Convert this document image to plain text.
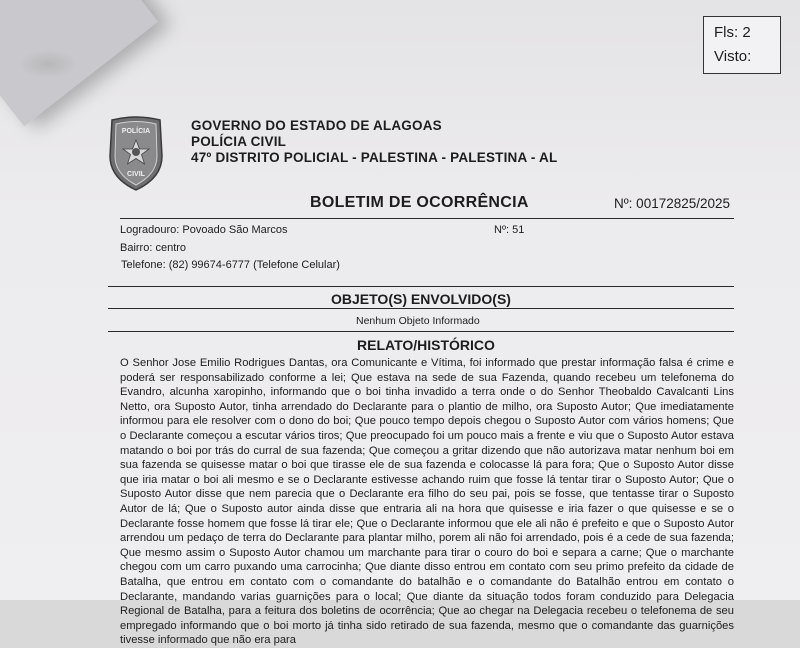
Fls: 2
Visto:
POLÍCIA
CIVIL
GOVERNO DO ESTADO DE ALAGOAS
POLÍCIA CIVIL
47º DISTRITO POLICIAL - PALESTINA - PALESTINA - AL
BOLETIM DE OCORRÊNCIA	Nº: 00172825/2025
Logradouro: Povoado São Marcos	Nº: 51
Bairro: centro
Telefone: (82) 99674-6777 (Telefone Celular)
OBJETO(S) ENVOLVIDO(S)
Nenhum Objeto Informado
RELATO/HISTÓRICO

O Senhor Jose Emilio Rodrigues Dantas, ora Comunicante e Vítima, foi informado que prestar informação falsa é crime e poderá ser responsabilizado conforme a lei; Que estava na sede de sua Fazenda, quando recebeu um telefonema do Evandro, alcunha xaropinho, informando que o boi tinha invadido a terra onde o do Senhor Theobaldo Cavalcanti Lins Netto, ora Suposto Autor, tinha arrendado do Declarante para o plantio de milho, ora Suposto Autor; Que imediatamente informou para ele resolver com o dono do boi; Que pouco tempo depois chegou o Suposto Autor com vários homens; Que o Declarante começou a escutar vários tiros; Que preocupado foi um pouco mais a frente e viu que o Suposto Autor estava matando o boi por trás do curral de sua fazenda; Que começou a gritar dizendo que não autorizava matar nenhum boi em sua fazenda se quisesse matar o boi que tirasse ele de sua fazenda e colocasse lá para fora; Que o Suposto Autor disse que iria matar o boi ali mesmo e se o Declarante estivesse achando ruim que fosse lá tentar tirar o Suposto Autor; Que o Suposto Autor disse que nem parecia que o Declarante era filho do seu pai, pois se fosse, que tentasse tirar o Suposto Autor de lá; Que o Suposto autor ainda disse que entraria ali na hora que quisesse e iria fazer o que quisesse e se o Declarante fosse homem que fosse lá tirar ele; Que o Declarante informou que ele ali não é prefeito e que o Suposto Autor arrendou um pedaço de terra do Declarante para plantar milho, porem ali não foi arrendado, pois é a cede de sua fazenda; Que mesmo assim o Suposto Autor chamou um marchante para tirar o couro do boi e separa a carne; Que o marchante chegou com um carro puxando uma carrocinha; Que diante disso entrou em contato com seu primo prefeito da cidade de Batalha, que entrou em contato com o comandante do batalhão e o comandante do Batalhão entrou em contato o Declarante, mandando varias guarnições para o local; Que diante da situação todos foram conduzido para Delegacia Regional de Batalha, para a feitura dos boletins de ocorrência; Que ao chegar na Delegacia recebeu o telefonema de seu empregado informando que o boi morto já tinha sido retirado de sua fazenda, mesmo que o comandante das guarnições tivesse informado que não era para
